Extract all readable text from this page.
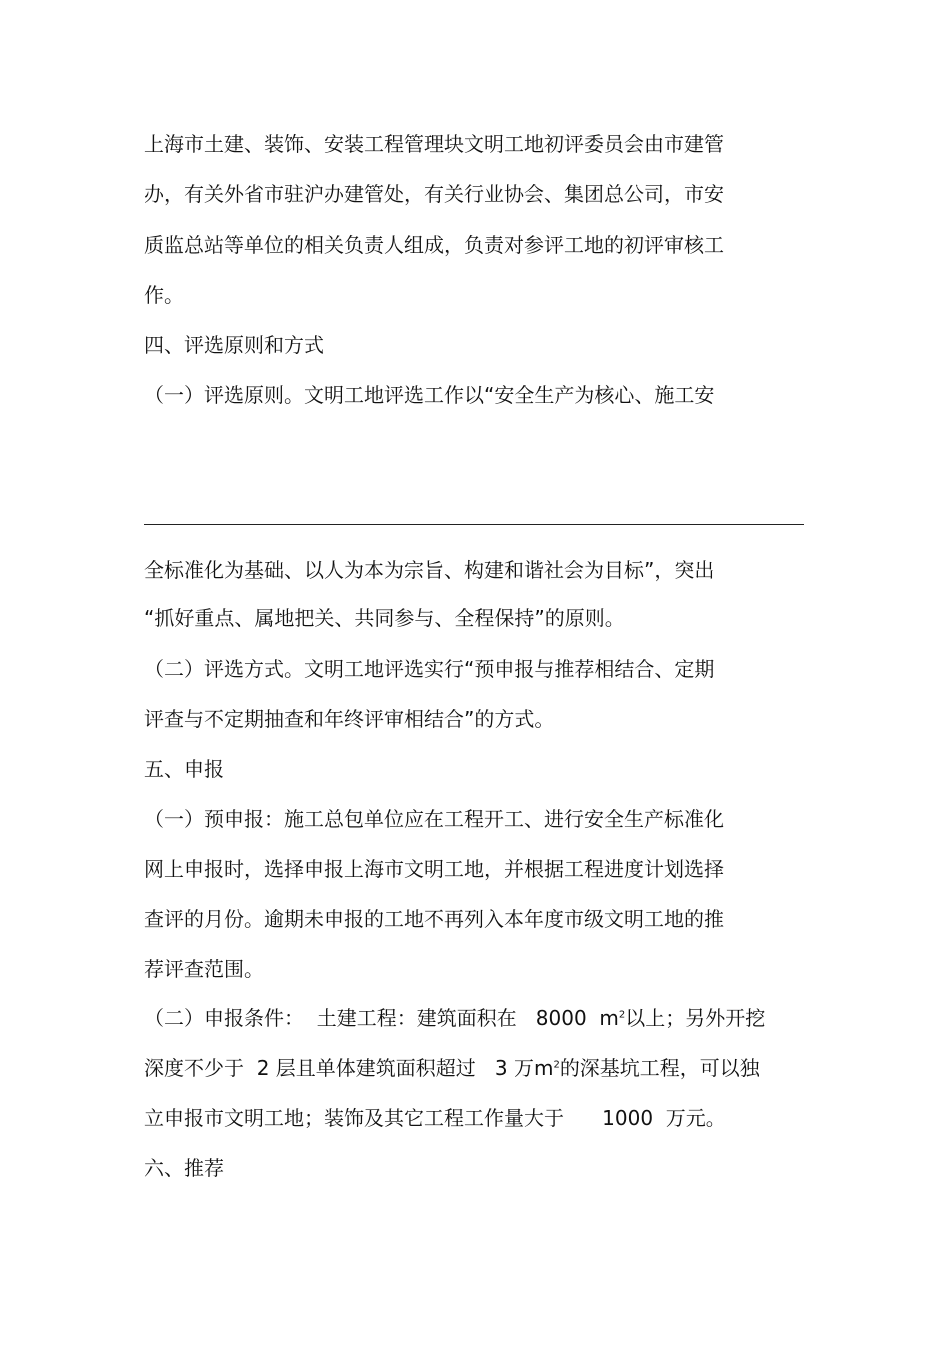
上海市土建、装饰、安装工程管理块文明工地初评委员会由市建管
办，有关外省市驻沪办建管处，有关行业协会、集团总公司，市安
质监总站等单位的相关负责人组成，负责对参评工地的初评审核工
作。
四、评选原则和方式
（一）评选原则。文明工地评选工作以“安全生产为核心、施工安
全标准化为基础、以人为本为宗旨、构建和谐社会为目标”，突出
“抓好重点、属地把关、共同参与、全程保持”的原则。
（二）评选方式。文明工地评选实行“预申报与推荐相结合、定期
评查与不定期抽查和年终评审相结合”的方式。
五、申报
（一）预申报：施工总包单位应在工程开工、进行安全生产标准化
网上申报时，选择申报上海市文明工地，并根据工程进度计划选择
查评的月份。逾期未申报的工地不再列入本年度市级文明工地的推
荐评查范围。
（二）申报条件：  土建工程：建筑面积在   8000  $m^2$以上；另外开挖
深度不少于  2 层且单体建筑面积超过   3 万$m^2$的深基坑工程，可以独
立申报市文明工地；装饰及其它工程工作量大于      1000  万元。
六、推荐
